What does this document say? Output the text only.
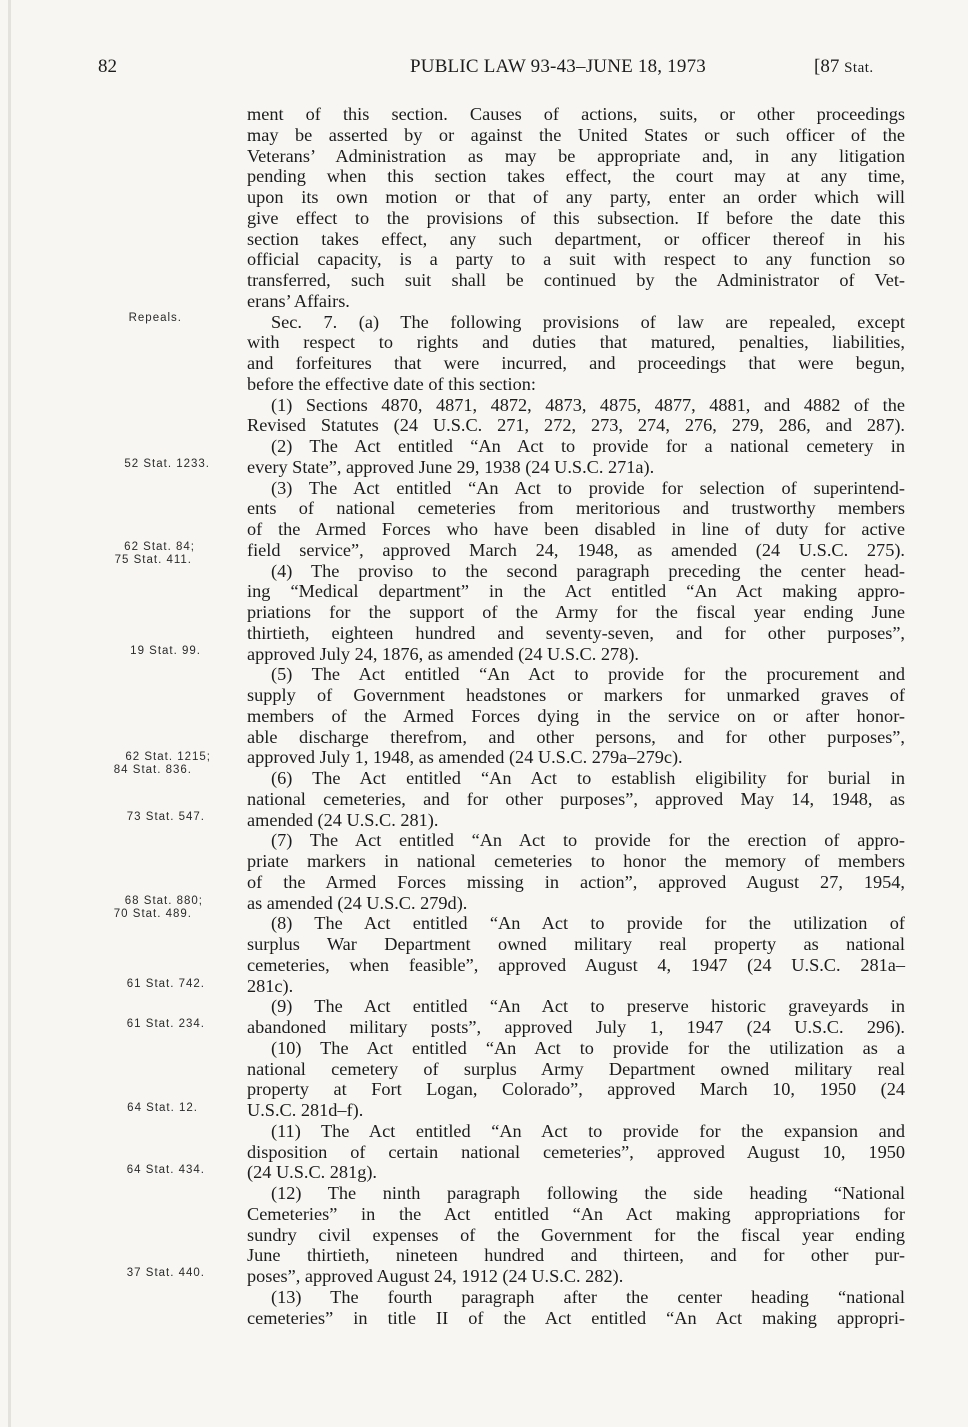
82	PUBLIC LAW 93-43–JUNE 18, 1973	[87 Stat.
Repeals.
52 Stat. 1233.
62 Stat. 84;
75 Stat. 411.
19 Stat. 99.
62 Stat. 1215;
84 Stat. 836.
73 Stat. 547.
68 Stat. 880;
70 Stat. 489.
61 Stat. 742.
61 Stat. 234.
64 Stat. 12.
64 Stat. 434.
37 Stat. 440.
ment of this section. Causes of actions, suits, or other proceedings
may be asserted by or against the United States or such officer of the
Veterans’ Administration as may be appropriate and, in any litigation
pending when this section takes effect, the court may at any time,
upon its own motion or that of any party, enter an order which will
give effect to the provisions of this subsection. If before the date this
section takes effect, any such department, or officer thereof in his
official capacity, is a party to a suit with respect to any function so
transferred, such suit shall be continued by the Administrator of Vet-
erans’ Affairs.
Sec. 7. (a) The following provisions of law are repealed, except
with respect to rights and duties that matured, penalties, liabilities,
and forfeitures that were incurred, and proceedings that were begun,
before the effective date of this section:
(1) Sections 4870, 4871, 4872, 4873, 4875, 4877, 4881, and 4882 of the
Revised Statutes (24 U.S.C. 271, 272, 273, 274, 276, 279, 286, and 287).
(2) The Act entitled “An Act to provide for a national cemetery in
every State”, approved June 29, 1938 (24 U.S.C. 271a).
(3) The Act entitled “An Act to provide for selection of superintend-
ents of national cemeteries from meritorious and trustworthy members
of the Armed Forces who have been disabled in line of duty for active
field service”, approved March 24, 1948, as amended (24 U.S.C. 275).
(4) The proviso to the second paragraph preceding the center head-
ing “Medical department” in the Act entitled “An Act making appro-
priations for the support of the Army for the fiscal year ending June
thirtieth, eighteen hundred and seventy-seven, and for other purposes”,
approved July 24, 1876, as amended (24 U.S.C. 278).
(5) The Act entitled “An Act to provide for the procurement and
supply of Government headstones or markers for unmarked graves of
members of the Armed Forces dying in the service on or after honor-
able discharge therefrom, and other persons, and for other purposes”,
approved July 1, 1948, as amended (24 U.S.C. 279a–279c).
(6) The Act entitled “An Act to establish eligibility for burial in
national cemeteries, and for other purposes”, approved May 14, 1948, as
amended (24 U.S.C. 281).
(7) The Act entitled “An Act to provide for the erection of appro-
priate markers in national cemeteries to honor the memory of members
of the Armed Forces missing in action”, approved August 27, 1954,
as amended (24 U.S.C. 279d).
(8) The Act entitled “An Act to provide for the utilization of
surplus War Department owned military real property as national
cemeteries, when feasible”, approved August 4, 1947 (24 U.S.C. 281a–
281c).
(9) The Act entitled “An Act to preserve historic graveyards in
abandoned military posts”, approved July 1, 1947 (24 U.S.C. 296).
(10) The Act entitled “An Act to provide for the utilization as a
national cemetery of surplus Army Department owned military real
property at Fort Logan, Colorado”, approved March 10, 1950 (24
U.S.C. 281d–f).
(11) The Act entitled “An Act to provide for the expansion and
disposition of certain national cemeteries”, approved August 10, 1950
(24 U.S.C. 281g).
(12) The ninth paragraph following the side heading “National
Cemeteries” in the Act entitled “An Act making appropriations for
sundry civil expenses of the Government for the fiscal year ending
June thirtieth, nineteen hundred and thirteen, and for other pur-
poses”, approved August 24, 1912 (24 U.S.C. 282).
(13) The fourth paragraph after the center heading “national
cemeteries” in title II of the Act entitled “An Act making appropri-
